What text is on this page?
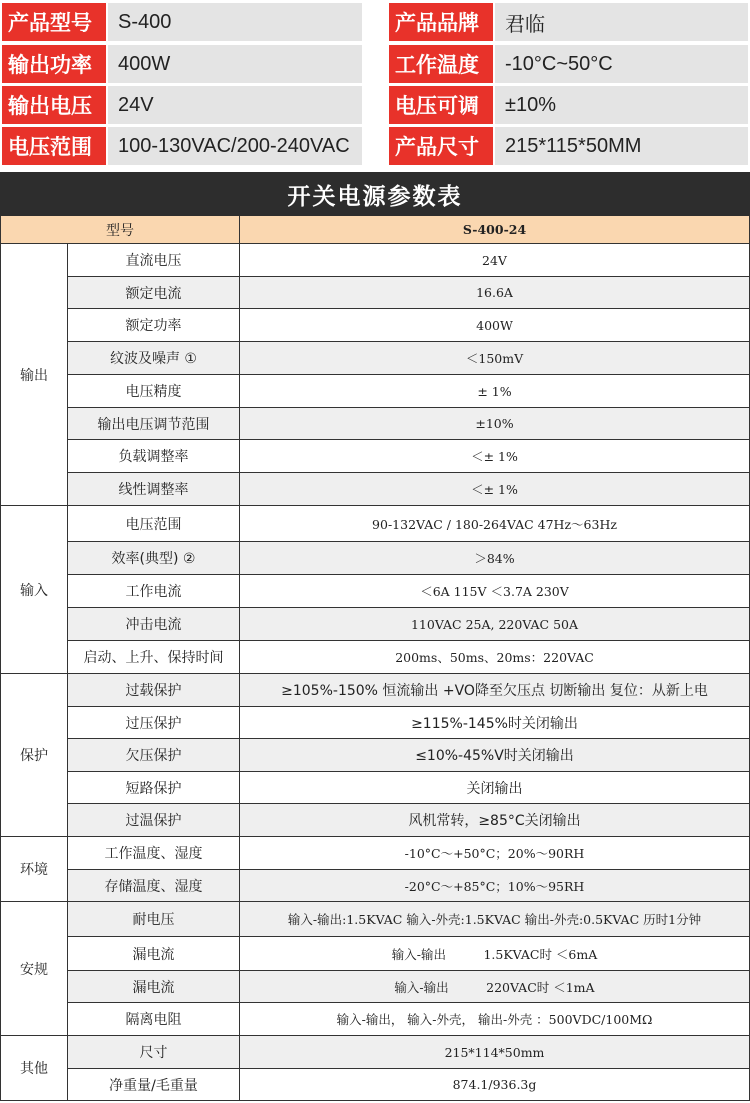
产品型号	S-400	产品品牌	君临
输出功率	400W	工作温度	-10°C~50°C
输出电压	24V	电压可调	±10%
电压范围	100-130VAC/200-240VAC	产品尺寸	215*115*50MM
开关电源参数表
型号	S-400-24
输出
直流电压	24V
额定电流	16.6A
额定功率	400W
纹波及噪声 ①	＜150mV
电压精度	± 1%
输出电压调节范围	±10%
负载调整率	＜± 1%
线性调整率	＜± 1%
输入
电压范围	90-132VAC / 180-264VAC 47Hz～63Hz
效率(典型) ②	＞84%
工作电流	＜6A 115V ＜3.7A 230V
冲击电流	110VAC 25A, 220VAC 50A
启动、上升、保持时间	200ms、50ms、20ms：220VAC
保护
过载保护	≥105%-150% 恒流输出 +VO降至欠压点 切断输出 复位：从新上电
过压保护	≥115%-145%时关闭输出
欠压保护	≤10%-45%V时关闭输出
短路保护	关闭输出
过温保护	风机常转，≥85°C关闭输出
环境
工作温度、湿度	-10°C～+50°C；20%～90RH
存储温度、湿度	-20°C～+85°C；10%～95RH
安规
耐电压	输入-输出:1.5KVAC 输入-外壳:1.5KVAC 输出-外壳:0.5KVAC 历时1分钟
漏电流	输入-输出　　　1.5KVAC时 ＜6mA
漏电流	输入-输出　　　220VAC时 ＜1mA
隔离电阻	输入-输出， 输入-外壳， 输出-外壳 ：500VDC/100MΩ
其他
尺寸	215*114*50mm
净重量/毛重量	874.1/936.3g
